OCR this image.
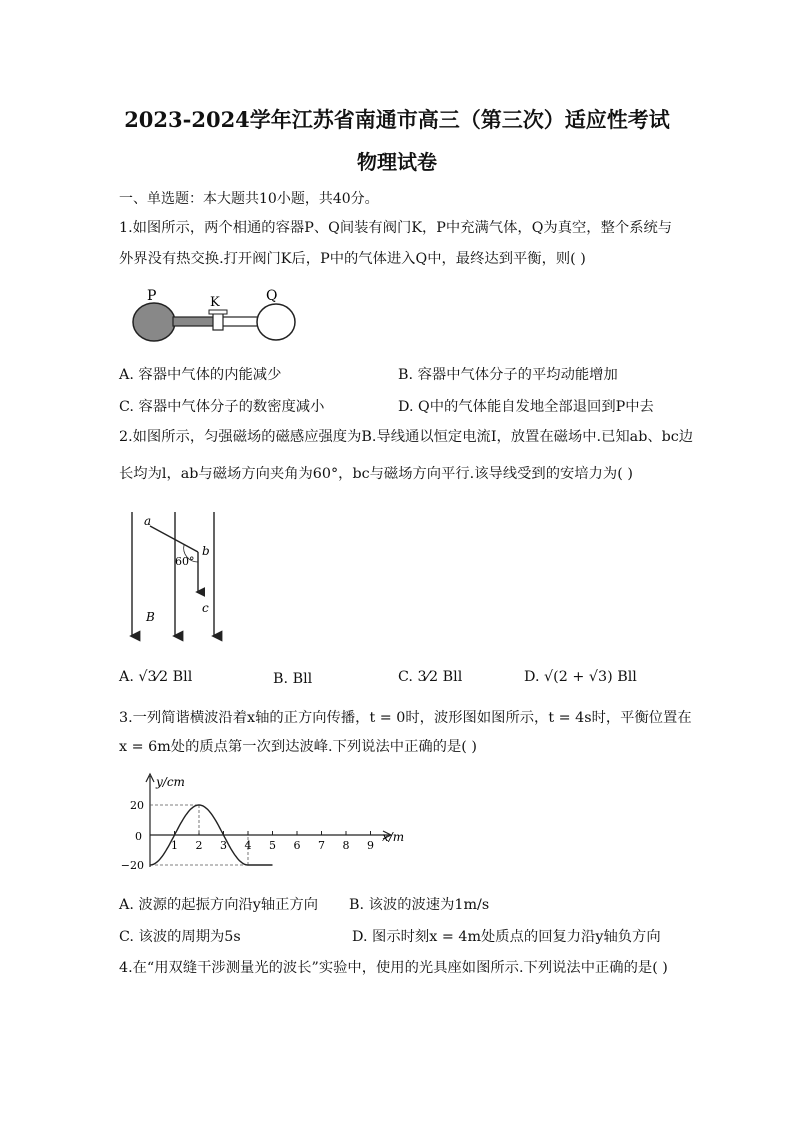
2023-2024学年江苏省南通市高三（第三次）适应性考试
物理试卷
一、单选题：本大题共10小题，共40分。
1.如图所示，两个相通的容器P、Q间装有阀门K，P中充满气体，Q为真空，整个系统与
外界没有热交换.打开阀门K后，P中的气体进入Q中，最终达到平衡，则( )
P	K	Q
A. 容器中气体的内能减少	B. 容器中气体分子的平均动能增加
C. 容器中气体分子的数密度减小	D. Q中的气体能自发地全部退回到P中去
2.如图所示，匀强磁场的磁感应强度为B.导线通以恒定电流I，放置在磁场中.已知ab、bc边
长均为l，ab与磁场方向夹角为60°，bc与磁场方向平行.该导线受到的安培力为( )
a
b
c
B
60°
A. √3⁄2 Bll	B. Bll	C. 3⁄2 Bll	D. √(2 + √3) Bll
3.一列简谐横波沿着x轴的正方向传播，t = 0时，波形图如图所示，t = 4s时，平衡位置在
x = 6m处的质点第一次到达波峰.下列说法中正确的是( )
y/cm
x/m
0
1 2 3 4 5 6 7 8 9
20
−20
A. 波源的起振方向沿y轴正方向 B. 该波的波速为1m/s
C. 该波的周期为5s	D. 图示时刻x = 4m处质点的回复力沿y轴负方向
4.在“用双缝干涉测量光的波长”实验中，使用的光具座如图所示.下列说法中正确的是( )
